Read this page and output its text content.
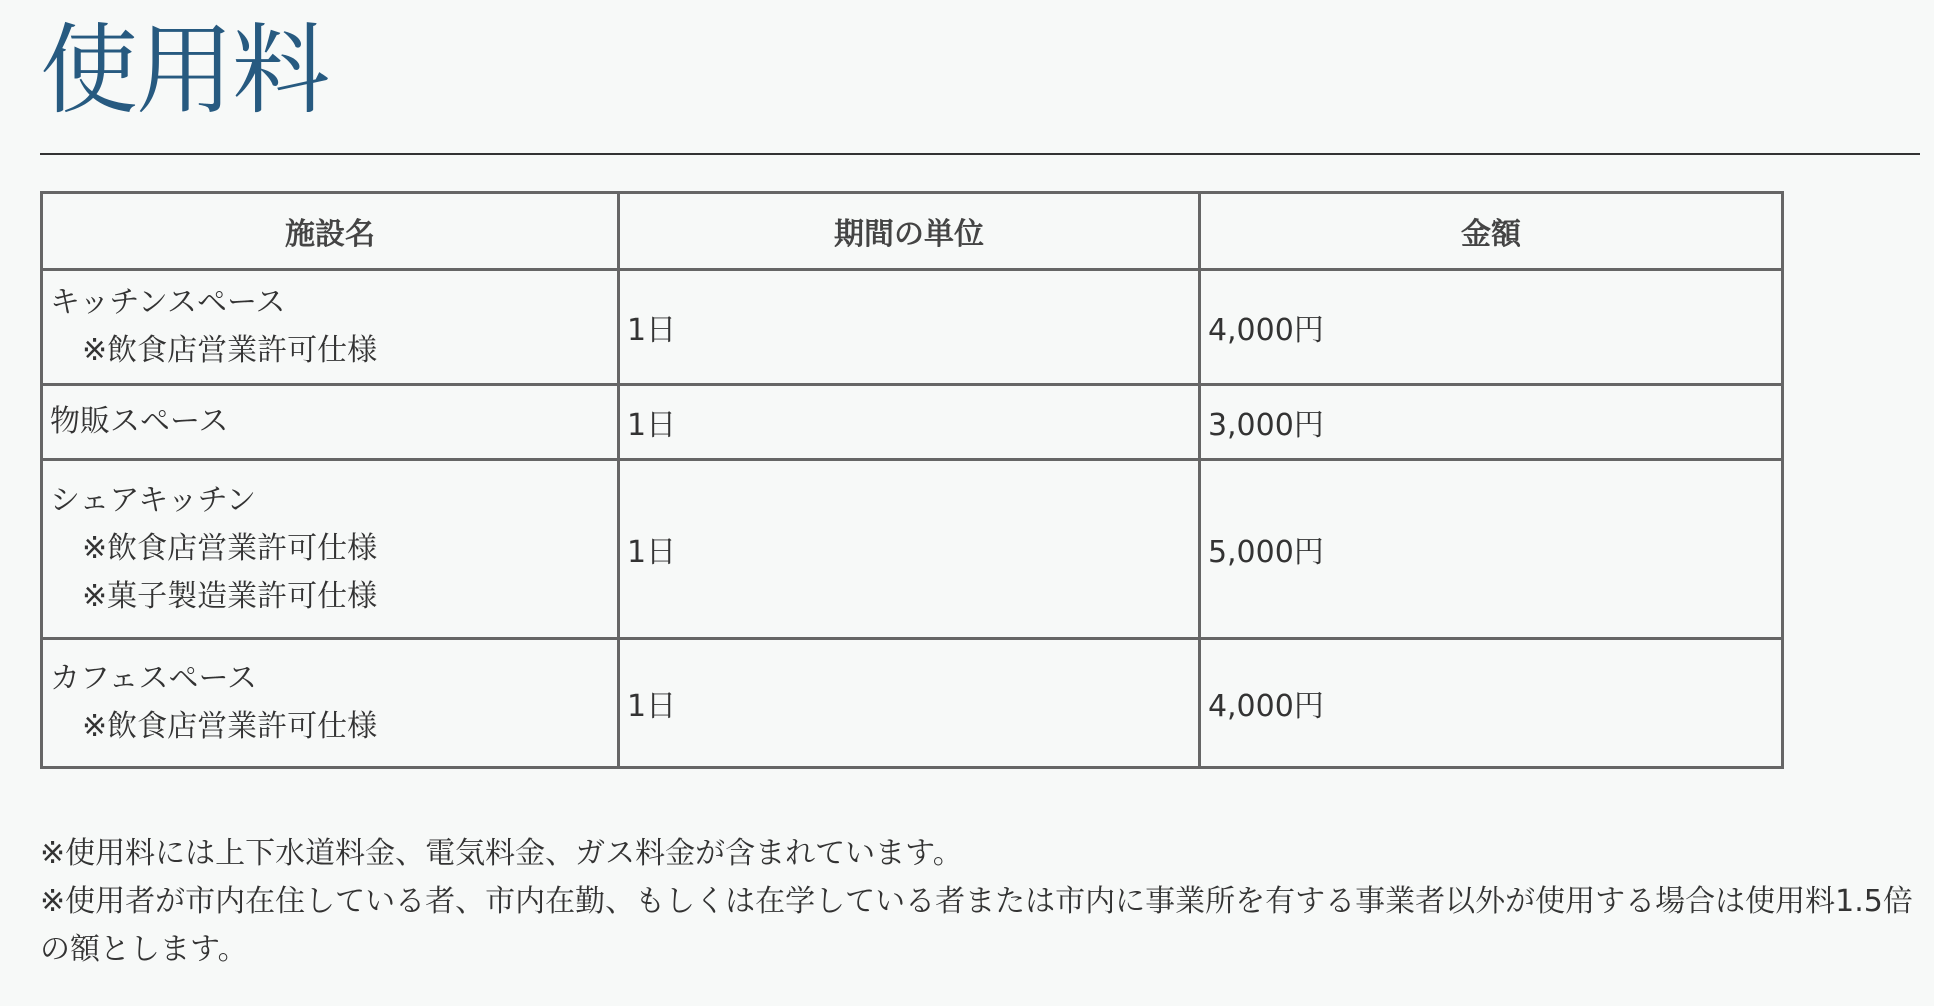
使用料
施設名	期間の単位	金額

キッチンスペース
※飲食店営業許可仕様	1日	4,000円

物販スペース	1日	3,000円

シェアキッチン
※飲食店営業許可仕様
※菓子製造業許可仕様	1日	5,000円

カフェスペース
※飲食店営業許可仕様	1日	4,000円

※使用料には上下水道料金、電気料金、ガス料金が含まれています。

※使用者が市内在住している者、市内在勤、もしくは在学している者または市内に事業所を有する事業者以外が使用する場合は使用料1.5倍の額とします。
